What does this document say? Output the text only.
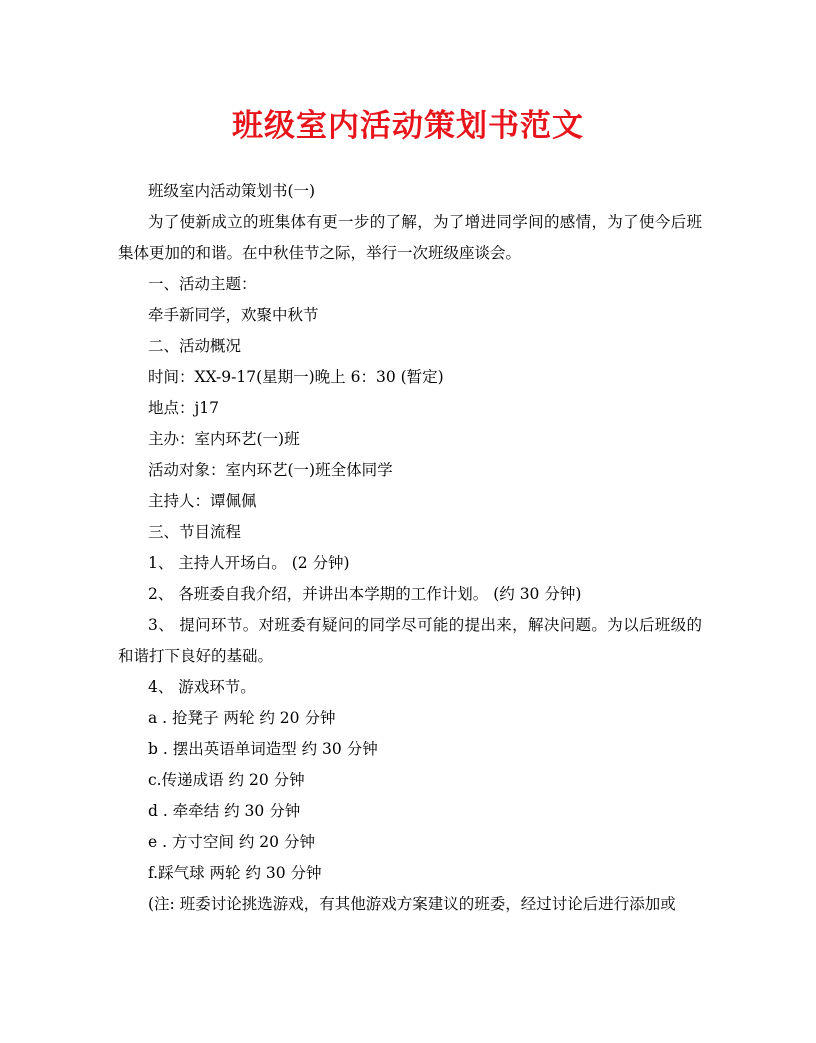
班级室内活动策划书范文

班级室内活动策划书(一)

为了使新成立的班集体有更一步的了解，为了增进同学间的感情，为了使今后班集体更加的和谐。在中秋佳节之际，举行一次班级座谈会。

一、活动主题：

牵手新同学，欢聚中秋节

二、活动概况

时间：XX-9-17(星期一)晚上 6：30 (暂定)

地点：j17

主办：室内环艺(一)班

活动对象：室内环艺(一)班全体同学

主持人：谭佩佩

三、节目流程

1、 主持人开场白。 (2 分钟)

2、 各班委自我介绍，并讲出本学期的工作计划。 (约 30 分钟)

3、 提问环节。对班委有疑问的同学尽可能的提出来，解决问题。为以后班级的和谐打下良好的基础。

4、 游戏环节。

a . 抢凳子 两轮 约 20 分钟

b . 摆出英语单词造型 约 30 分钟

c.传递成语 约 20 分钟

d . 牵牵结 约 30 分钟

e . 方寸空间 约 20 分钟

f.踩气球 两轮 约 30 分钟

(注: 班委讨论挑选游戏，有其他游戏方案建议的班委，经过讨论后进行添加或
